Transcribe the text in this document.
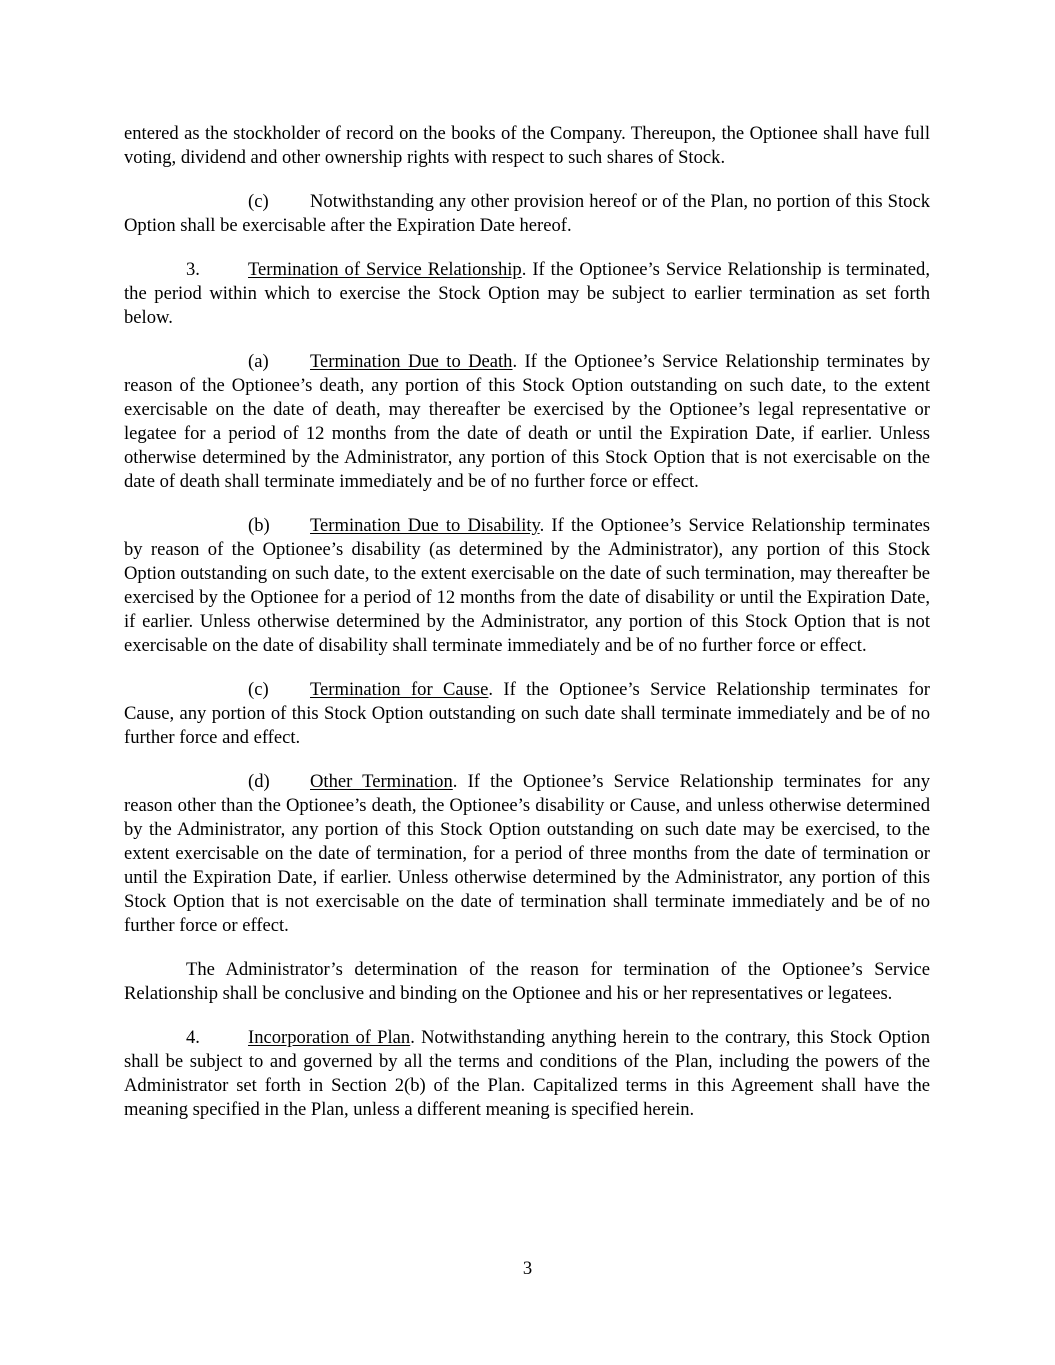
entered as the stockholder of record on the books of the Company. Thereupon, the Optionee shall have full voting, dividend and other ownership rights with respect to such shares of Stock.

(c) Notwithstanding any other provision hereof or of the Plan, no portion of this Stock Option shall be exercisable after the Expiration Date hereof.

3.	Termination of Service Relationship. If the Optionee’s Service Relationship is terminated, the period within which to exercise the Stock Option may be subject to earlier termination as set forth below.

(a) Termination Due to Death. If the Optionee’s Service Relationship terminates by reason of the Optionee’s death, any portion of this Stock Option outstanding on such date, to the extent exercisable on the date of death, may thereafter be exercised by the Optionee’s legal representative or legatee for a period of 12 months from the date of death or until the Expiration Date, if earlier. Unless otherwise determined by the Administrator, any portion of this Stock Option that is not exercisable on the date of death shall terminate immediately and be of no further force or effect.

(b) Termination Due to Disability. If the Optionee’s Service Relationship terminates by reason of the Optionee’s disability (as determined by the Administrator), any portion of this Stock Option outstanding on such date, to the extent exercisable on the date of such termination, may thereafter be exercised by the Optionee for a period of 12 months from the date of disability or until the Expiration Date, if earlier. Unless otherwise determined by the Administrator, any portion of this Stock Option that is not exercisable on the date of disability shall terminate immediately and be of no further force or effect.

(c) Termination for Cause. If the Optionee’s Service Relationship terminates for Cause, any portion of this Stock Option outstanding on such date shall terminate immediately and be of no further force and effect.

(d) Other Termination. If the Optionee’s Service Relationship terminates for any reason other than the Optionee’s death, the Optionee’s disability or Cause, and unless otherwise determined by the Administrator, any portion of this Stock Option outstanding on such date may be exercised, to the extent exercisable on the date of termination, for a period of three months from the date of termination or until the Expiration Date, if earlier. Unless otherwise determined by the Administrator, any portion of this Stock Option that is not exercisable on the date of termination shall terminate immediately and be of no further force or effect.

The Administrator’s determination of the reason for termination of the Optionee’s Service Relationship shall be conclusive and binding on the Optionee and his or her representatives or legatees.

4.	Incorporation of Plan. Notwithstanding anything herein to the contrary, this Stock Option shall be subject to and governed by all the terms and conditions of the Plan, including the powers of the Administrator set forth in Section 2(b) of the Plan. Capitalized terms in this Agreement shall have the meaning specified in the Plan, unless a different meaning is specified herein.

3
